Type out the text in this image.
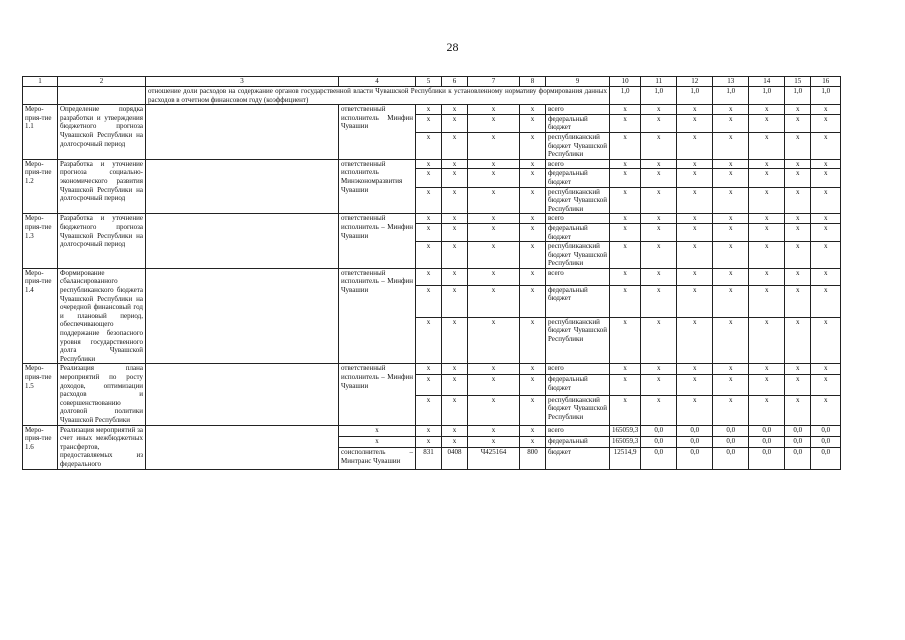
28
1	2	3	4	5	6	7	8	9	10	11	12	13	14	15	16
		отношение доли расходов на содержание органов государственной власти Чувашской Республики к установленному нормативу формирования данных расходов в отчетном финансовом году (коэффициент)							1,0	1,0	1,0	1,0	1,0	1,0	1,0
Меро-прия-тие 1.1	Определение порядка разработки и утверждения бюджетного прогноза Чувашской Республики на долгосрочный период		ответственный исполнитель Минфин Чувашии	x	x	x	x	всего	x	x	x	x	x	x	x
				x	x	x	x	федеральный бюджет	x	x	x	x	x	x	x
				x	x	x	x	республиканский бюджет Чувашской Республики	x	x	x	x	x	x	x
Меро-прия-тие 1.2	Разработка и уточнение прогноза социально-экономического развития Чувашской Республики на долгосрочный период		ответственный исполнитель Минэкономразвития Чувашии	x	x	x	x	всего	x	x	x	x	x	x	x
				x	x	x	x	федеральный бюджет	x	x	x	x	x	x	x
				x	x	x	x	республиканский бюджет Чувашской Республики	x	x	x	x	x	x	x
Меро-прия-тие 1.3	Разработка и уточнение бюджетного прогноза Чувашской Республики на долгосрочный период		ответственный исполнитель – Минфин Чувашии	x	x	x	x	всего	x	x	x	x	x	x	x
				x	x	x	x	федеральный бюджет	x	x	x	x	x	x	x
				x	x	x	x	республиканский бюджет Чувашской Республики	x	x	x	x	x	x	x
Меро-прия-тие 1.4	Формирование сбалансированного республиканского бюджета Чувашской Республики на очередной финансовый год и плановый период, обеспечивающего поддержание безопасного уровня государственного долга Чувашской Республики		ответственный исполнитель – Минфин Чувашии	x	x	x	x	всего	x	x	x	x	x	x	x
				x	x	x	x	федеральный бюджет	x	x	x	x	x	x	x
				x	x	x	x	республиканский бюджет Чувашской Республики	x	x	x	x	x	x	x
Меро-прия-тие 1.5	Реализация плана мероприятий по росту доходов, оптимизации расходов и совершенствованию долговой политики Чувашской Республики		ответственный исполнитель – Минфин Чувашии	x	x	x	x	всего	x	x	x	x	x	x	x
				x	x	x	x	федеральный бюджет	x	x	x	x	x	x	x
				x	x	x	x	республиканский бюджет Чувашской Республики	x	x	x	x	x	x	x
Меро-прия-тие 1.6	Реализация мероприятий за счет иных межбюджетных трансфертов, предоставляемых из федерального		x	x	x	x	x	всего	165059,3	0,0	0,0	0,0	0,0	0,0	0,0
			x	x	x	x	x	федеральный	165059,3	0,0	0,0	0,0	0,0	0,0	0,0
			соисполнитель – Минтранс Чувашии	831	0408	Ч425164	800	бюджет	12514,9	0,0	0,0	0,0	0,0	0,0	0,0
